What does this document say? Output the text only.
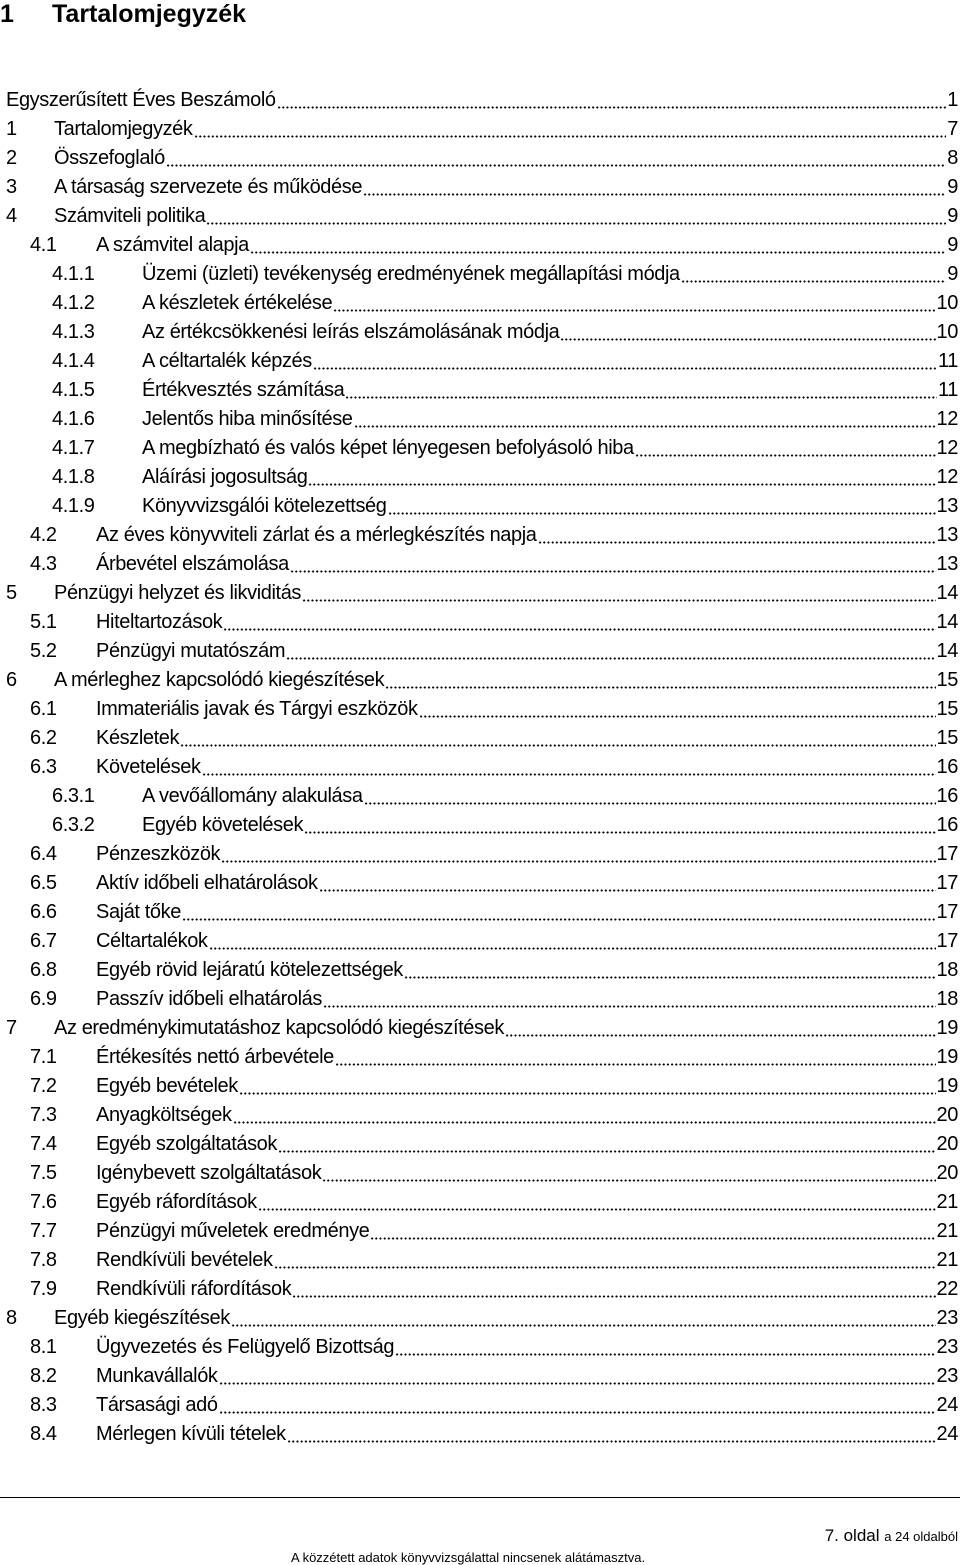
1	Tartalomjegyzék
Egyszerűsített Éves Beszámoló	1
1	Tartalomjegyzék	7
2	Összefoglaló	8
3	A társaság szervezete és működése	9
4	Számviteli politika	9
4.1	A számvitel alapja	9
4.1.1	Üzemi (üzleti) tevékenység eredményének megállapítási módja	9
4.1.2	A készletek értékelése	10
4.1.3	Az értékcsökkenési leírás elszámolásának módja	10
4.1.4	A céltartalék képzés	11
4.1.5	Értékvesztés számítása	11
4.1.6	Jelentős hiba minősítése	12
4.1.7	A megbízható és valós képet lényegesen befolyásoló hiba	12
4.1.8	Aláírási jogosultság	12
4.1.9	Könyvvizsgálói kötelezettség	13
4.2	Az éves könyvviteli zárlat és a mérlegkészítés napja	13
4.3	Árbevétel elszámolása	13
5	Pénzügyi helyzet és likviditás	14
5.1	Hiteltartozások	14
5.2	Pénzügyi mutatószám	14
6	A mérleghez kapcsolódó kiegészítések	15
6.1	Immateriális javak és Tárgyi eszközök	15
6.2	Készletek	15
6.3	Követelések	16
6.3.1	A vevőállomány alakulása	16
6.3.2	Egyéb követelések	16
6.4	Pénzeszközök	17
6.5	Aktív időbeli elhatárolások	17
6.6	Saját tőke	17
6.7	Céltartalékok	17
6.8	Egyéb rövid lejáratú kötelezettségek	18
6.9	Passzív időbeli elhatárolás	18
7	Az eredménykimutatáshoz kapcsolódó kiegészítések	19
7.1	Értékesítés nettó árbevétele	19
7.2	Egyéb bevételek	19
7.3	Anyagköltségek	20
7.4	Egyéb szolgáltatások	20
7.5	Igénybevett szolgáltatások	20
7.6	Egyéb ráfordítások	21
7.7	Pénzügyi műveletek eredménye	21
7.8	Rendkívüli bevételek	21
7.9	Rendkívüli ráfordítások	22
8	Egyéb kiegészítések	23
8.1	Ügyvezetés és Felügyelő Bizottság	23
8.2	Munkavállalók	23
8.3	Társasági adó	24
8.4	Mérlegen kívüli tételek	24
7. oldal a 24 oldalból
A közzétett adatok könyvvizsgálattal nincsenek alátámasztva.
